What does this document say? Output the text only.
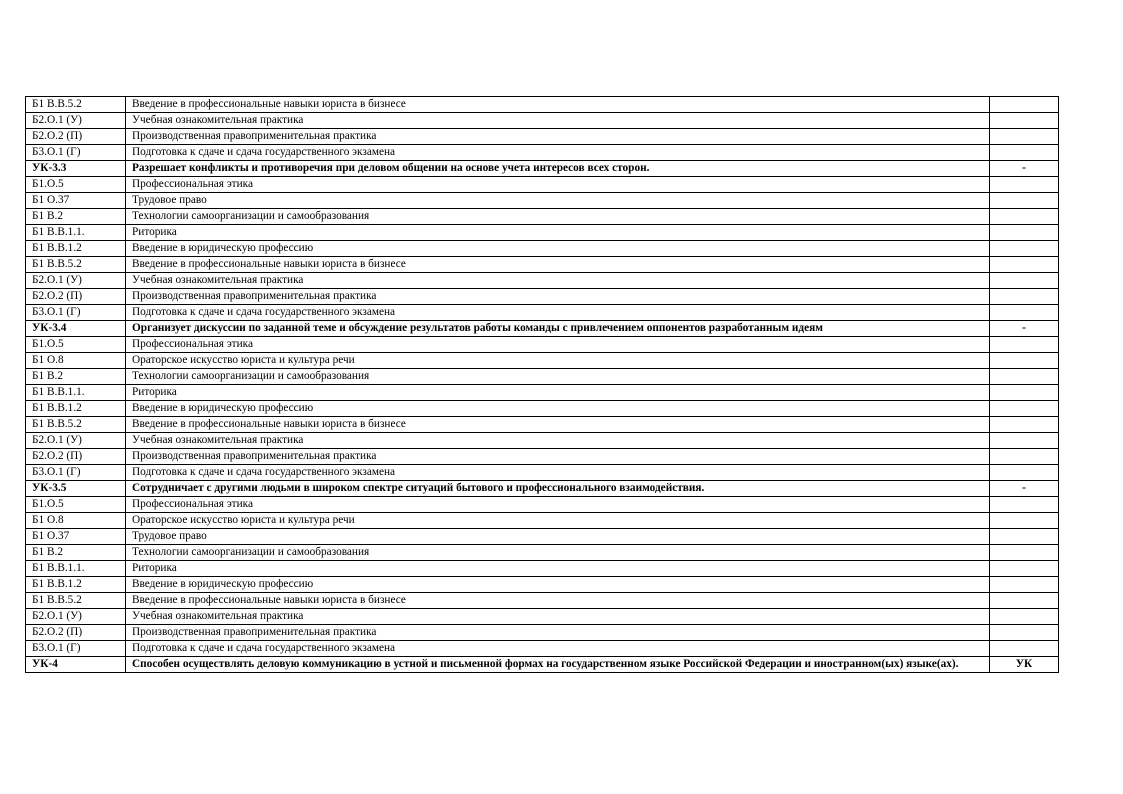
Б1 В.В.5.2	Введение в профессиональные навыки юриста в бизнесе	
Б2.О.1 (У)	Учебная ознакомительная практика	
Б2.О.2 (П)	Производственная правоприменительная практика	
Б3.О.1 (Г)	Подготовка к сдаче и сдача государственного экзамена	
УК-3.3	Разрешает конфликты и противоречия при деловом общении на основе учета интересов всех сторон.	-
Б1.О.5	Профессиональная этика	
Б1 О.37	Трудовое право	
Б1 В.2	Технологии самоорганизации и самообразования	
Б1 В.В.1.1.	Риторика	
Б1 В.В.1.2	Введение в юридическую профессию	
Б1 В.В.5.2	Введение в профессиональные навыки юриста в бизнесе	
Б2.О.1 (У)	Учебная ознакомительная практика	
Б2.О.2 (П)	Производственная правоприменительная практика	
Б3.О.1 (Г)	Подготовка к сдаче и сдача государственного экзамена	
УК-3.4	Организует дискуссии по заданной теме и обсуждение результатов работы команды с привлечением оппонентов разработанным идеям	-
Б1.О.5	Профессиональная этика	
Б1 О.8	Ораторское искусство юриста и культура речи	
Б1 В.2	Технологии самоорганизации и самообразования	
Б1 В.В.1.1.	Риторика	
Б1 В.В.1.2	Введение в юридическую профессию	
Б1 В.В.5.2	Введение в профессиональные навыки юриста в бизнесе	
Б2.О.1 (У)	Учебная ознакомительная практика	
Б2.О.2 (П)	Производственная правоприменительная практика	
Б3.О.1 (Г)	Подготовка к сдаче и сдача государственного экзамена	
УК-3.5	Сотрудничает с другими людьми в широком спектре ситуаций бытового и профессионального взаимодействия.	-
Б1.О.5	Профессиональная этика	
Б1 О.8	Ораторское искусство юриста и культура речи	
Б1 О.37	Трудовое право	
Б1 В.2	Технологии самоорганизации и самообразования	
Б1 В.В.1.1.	Риторика	
Б1 В.В.1.2	Введение в юридическую профессию	
Б1 В.В.5.2	Введение в профессиональные навыки юриста в бизнесе	
Б2.О.1 (У)	Учебная ознакомительная практика	
Б2.О.2 (П)	Производственная правоприменительная практика	
Б3.О.1 (Г)	Подготовка к сдаче и сдача государственного экзамена	
УК-4	Способен осуществлять деловую коммуникацию в устной и письменной формах на государственном языке Российской Федерации и иностранном(ых) языке(ах).	УК
